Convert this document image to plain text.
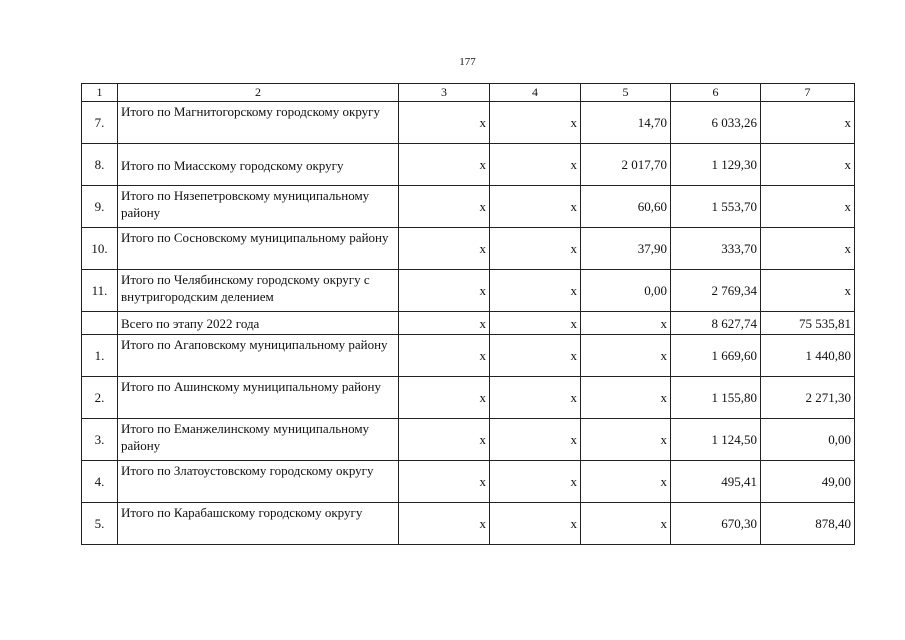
177
1	2	3	4	5	6	7
7.	Итого по Магнитогорскому городскому округу	х	х	14,70	6 033,26	х
8.	Итого по Миасскому городскому округу	х	х	2 017,70	1 129,30	х
9.	Итого по Нязепетровскому муниципальному району	х	х	60,60	1 553,70	х
10.	Итого по Сосновскому муниципальному району	х	х	37,90	333,70	х
11.	Итого по Челябинскому городскому округу с внутригородским делением	х	х	0,00	2 769,34	х
	Всего по этапу 2022 года	х	х	х	8 627,74	75 535,81
1.	Итого по Агаповскому муниципальному району	х	х	х	1 669,60	1 440,80
2.	Итого по Ашинскому муниципальному району	х	х	х	1 155,80	2 271,30
3.	Итого по Еманжелинскому муниципальному району	х	х	х	1 124,50	0,00
4.	Итого по Златоустовскому городскому округу	х	х	х	495,41	49,00
5.	Итого по Карабашскому городскому округу	х	х	х	670,30	878,40
